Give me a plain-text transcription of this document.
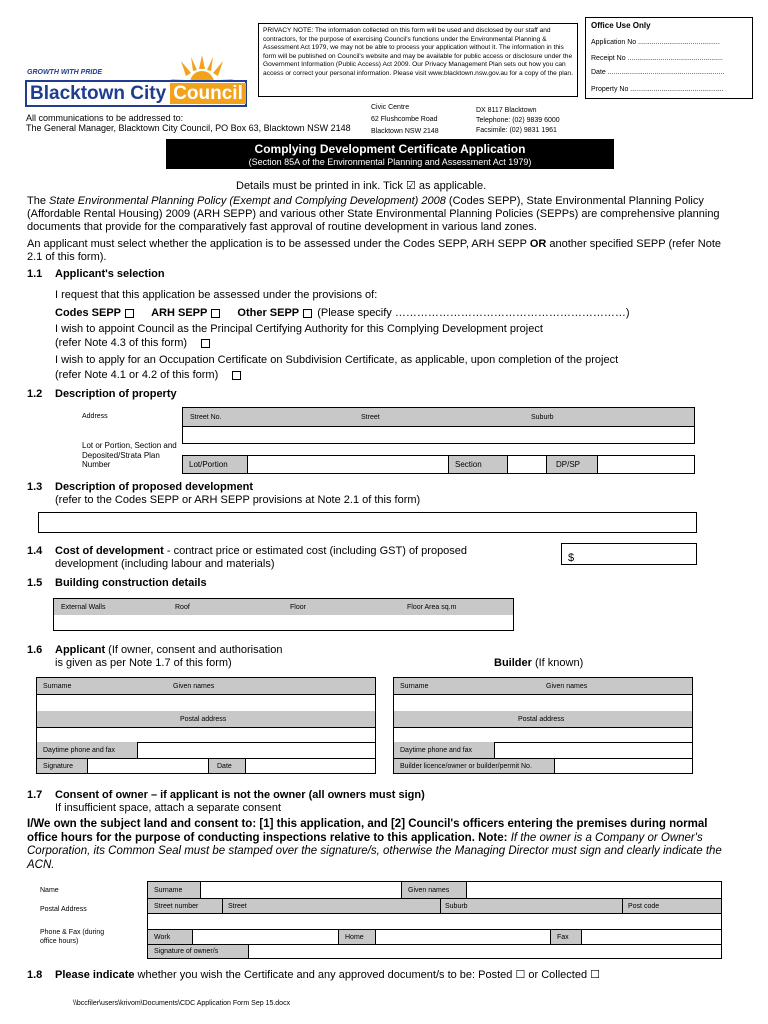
PRIVACY NOTE: The information collected on this form will be used and disclosed by our staff and contractors, for the purpose of exercising Council's functions under the Environmental Planning & Assessment Act 1979, we may not be able to process your application without it. The information in this form will be published on Council's website and may be available for public access or disclosure under the Government Information (Public Access) Act 2009. Our Privacy Management Plan sets out how you can access or correct your personal information. Please visit www.blacktown.nsw.gov.au for a copy of the plan.
Office Use Only
Application No ..........................................
Receipt No .................................................
Date ............................................................
Property No ................................................
GROWTH WITH PRIDE
Blacktown City Council
All communications to be addressed to:
The General Manager, Blacktown City Council, PO Box 63, Blacktown NSW 2148
Civic Centre
62 Flushcombe Road
Blacktown NSW 2148
DX 8117 Blacktown
Telephone: (02) 9839 6000
Facsimile: (02) 9831 1961
Complying Development Certificate Application
(Section 85A of the Environmental Planning and Assessment Act 1979)
Details must be printed in ink. Tick ☑ as applicable.
The State Environmental Planning Policy (Exempt and Complying Development) 2008 (Codes SEPP), State Environmental Planning Policy (Affordable Rental Housing) 2009 (ARH SEPP) and various other State Environmental Planning Policies (SEPPs) are comprehensive planning documents that provide for the comparatively fast approval of routine development in various land zones.
An applicant must select whether the application is to be assessed under the Codes SEPP, ARH SEPP OR another specified SEPP (refer Note 2.1 of this form).
1.1 Applicant's selection
I request that this application be assessed under the provisions of:
Codes SEPP	ARH SEPP	Other SEPP (Please specify ………………………………………………………)
I wish to appoint Council as the Principal Certifying Authority for this Complying Development project
(refer Note 4.3 of this form)
I wish to apply for an Occupation Certificate on Subdivision Certificate, as applicable, upon completion of the project
(refer Note 4.1 or 4.2 of this form)
1.2 Description of property
Address	Street No.	Street	Suburb
Lot or Portion, Section and Deposited/Strata Plan Number	Lot/Portion	Section	DP/SP
1.3 Description of proposed development
(refer to the Codes SEPP or ARH SEPP provisions at Note 2.1 of this form)
1.4 Cost of development - contract price or estimated cost (including GST) of proposed
development (including labour and materials)	$
1.5 Building construction details
External Walls	Roof	Floor	Floor Area sq.m
1.6 Applicant (If owner, consent and authorisation
is given as per Note 1.7 of this form)	Builder (If known)
Surname	Given names
Postal address
Daytime phone and fax
Signature	Date
Surname	Given names
Postal address
Daytime phone and fax
Builder licence/owner or builder/permit No.
1.7 Consent of owner – if applicant is not the owner (all owners must sign)
If insufficient space, attach a separate consent
I/We own the subject land and consent to: [1] this application, and [2] Council's officers entering the premises during normal office hours for the purpose of conducting inspections relative to this application. Note: If the owner is a Company or Owner's Corporation, its Common Seal must be stamped over the signature/s, otherwise the Managing Director must sign and clearly indicate the ACN.
Name
Postal Address
Phone & Fax (during office hours)
Surname	Given names
Street number	Street	Suburb	Post code
Work	Home	Fax
Signature of owner/s
1.8 Please indicate whether you wish the Certificate and any approved document/s to be: Posted ☐ or Collected ☐
\\bccfiler\users\krivom\Documents\CDC Application Form Sep 15.docx
